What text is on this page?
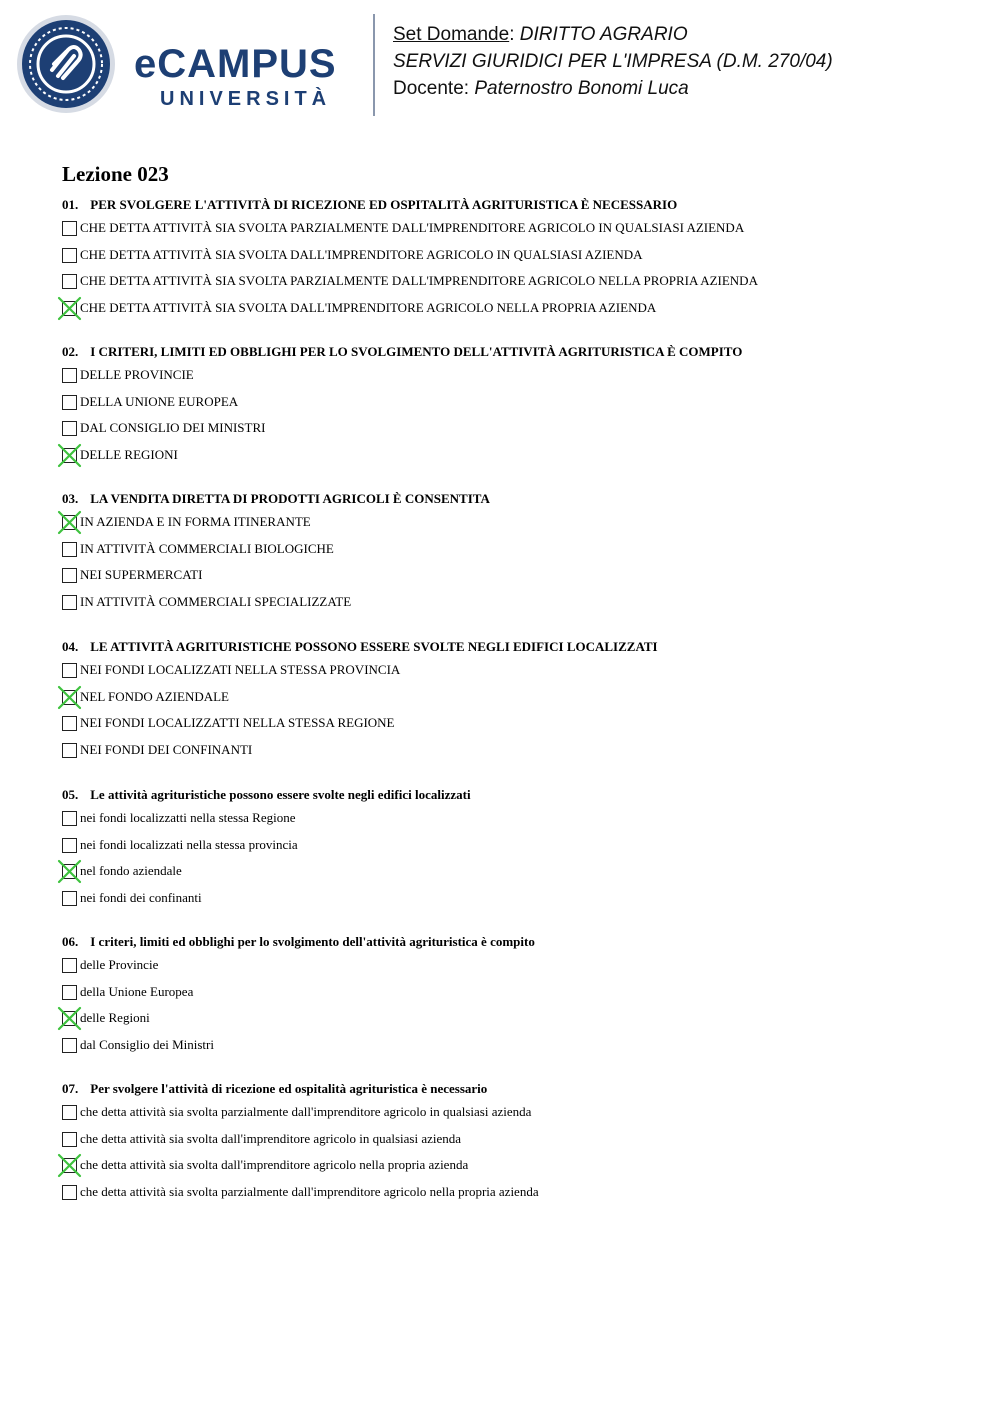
eCAMPUS
UNIVERSITÀ
Set Domande: DIRITTO AGRARIO
SERVIZI GIURIDICI PER L'IMPRESA (D.M. 270/04)
Docente: Paternostro Bonomi Luca
Lezione 023
01. PER SVOLGERE L'ATTIVITÀ DI RICEZIONE ED OSPITALITÀ AGRITURISTICA È NECESSARIO
CHE DETTA ATTIVITÀ SIA SVOLTA PARZIALMENTE DALL'IMPRENDITORE AGRICOLO IN QUALSIASI AZIENDA
CHE DETTA ATTIVITÀ SIA SVOLTA DALL'IMPRENDITORE AGRICOLO IN QUALSIASI AZIENDA
CHE DETTA ATTIVITÀ SIA SVOLTA PARZIALMENTE DALL'IMPRENDITORE AGRICOLO NELLA PROPRIA AZIENDA
CHE DETTA ATTIVITÀ SIA SVOLTA DALL'IMPRENDITORE AGRICOLO NELLA PROPRIA AZIENDA
02. I CRITERI, LIMITI ED OBBLIGHI PER LO SVOLGIMENTO DELL'ATTIVITÀ AGRITURISTICA È COMPITO
DELLE PROVINCIE
DELLA UNIONE EUROPEA
DAL CONSIGLIO DEI MINISTRI
DELLE REGIONI
03. LA VENDITA DIRETTA DI PRODOTTI AGRICOLI È CONSENTITA
IN AZIENDA E IN FORMA ITINERANTE
IN ATTIVITÀ COMMERCIALI BIOLOGICHE
NEI SUPERMERCATI
IN ATTIVITÀ COMMERCIALI SPECIALIZZATE
04. LE ATTIVITÀ AGRITURISTICHE POSSONO ESSERE SVOLTE NEGLI EDIFICI LOCALIZZATI
NEI FONDI LOCALIZZATI NELLA STESSA PROVINCIA
NEL FONDO AZIENDALE
NEI FONDI LOCALIZZATTI NELLA STESSA REGIONE
NEI FONDI DEI CONFINANTI
05. Le attività agrituristiche possono essere svolte negli edifici localizzati
nei fondi localizzatti nella stessa Regione
nei fondi localizzati nella stessa provincia
nel fondo aziendale
nei fondi dei confinanti
06. I criteri, limiti ed obblighi per lo svolgimento dell'attività agrituristica è compito
delle Provincie
della Unione Europea
delle Regioni
dal Consiglio dei Ministri
07. Per svolgere l'attività di ricezione ed ospitalità agrituristica è necessario
che detta attività sia svolta parzialmente dall'imprenditore agricolo in qualsiasi azienda
che detta attività sia svolta dall'imprenditore agricolo in qualsiasi azienda
che detta attività sia svolta dall'imprenditore agricolo nella propria azienda
che detta attività sia svolta parzialmente dall'imprenditore agricolo nella propria azienda
